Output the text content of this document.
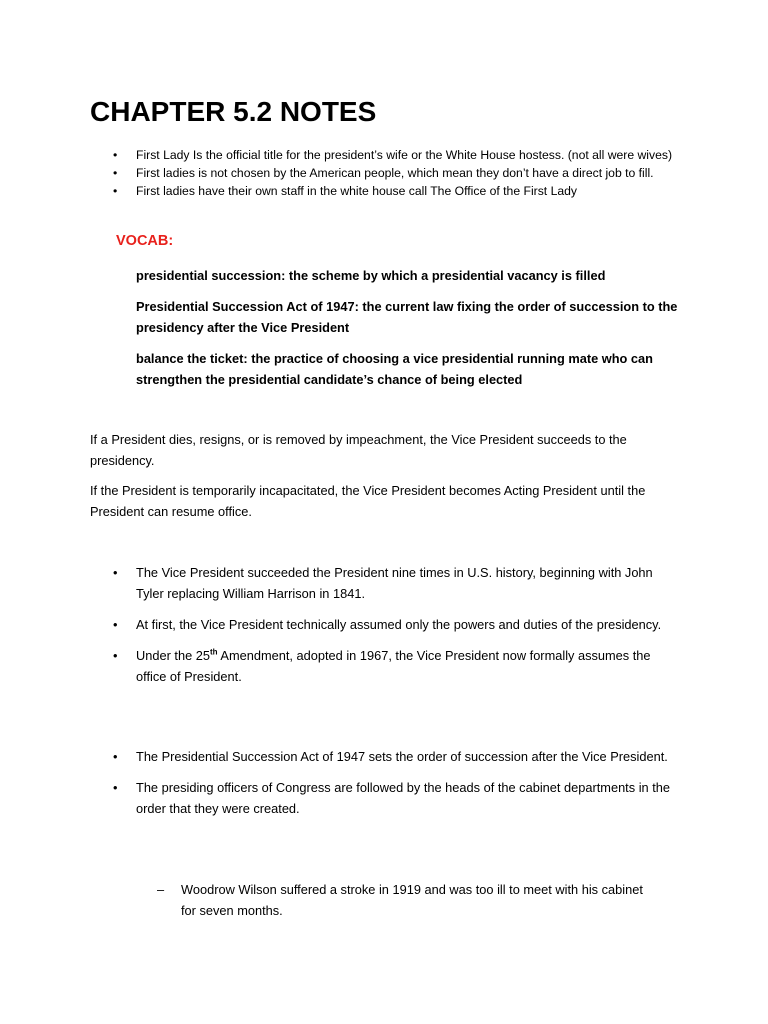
CHAPTER 5.2 NOTES
• First Lady Is the official title for the president’s wife or the White House hostess. (not all were wives)
• First ladies is not chosen by the American people, which mean they don’t have a direct job to fill.
• First ladies have their own staff in the white house call The Office of the First Lady
VOCAB:

presidential succession: the scheme by which a presidential vacancy is filled

Presidential Succession Act of 1947: the current law fixing the order of succession to the presidency after the Vice President

balance the ticket: the practice of choosing a vice presidential running mate who can strengthen the presidential candidate’s chance of being elected

If a President dies, resigns, or is removed by impeachment, the Vice President succeeds to the presidency.

If the President is temporarily incapacitated, the Vice President becomes Acting President until the President can resume office.

• The Vice President succeeded the President nine times in U.S. history, beginning with John Tyler replacing William Harrison in 1841.
• At first, the Vice President technically assumed only the powers and duties of the presidency.
• Under the 25th Amendment, adopted in 1967, the Vice President now formally assumes the office of President.
• The Presidential Succession Act of 1947 sets the order of succession after the Vice President.
• The presiding officers of Congress are followed by the heads of the cabinet departments in the order that they were created.
– Woodrow Wilson suffered a stroke in 1919 and was too ill to meet with his cabinet for seven months.
